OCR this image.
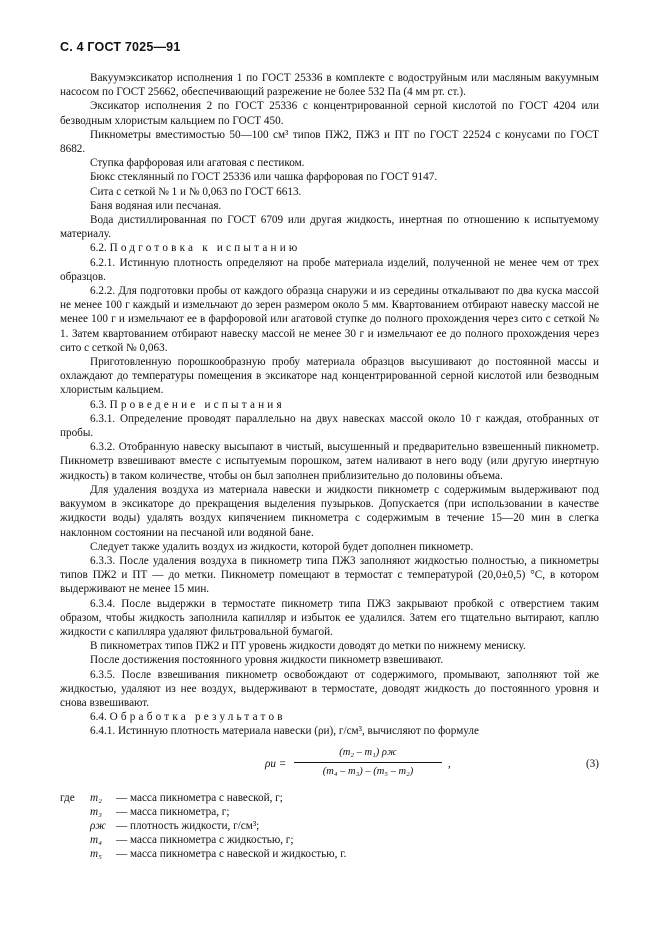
С. 4 ГОСТ 7025—91

Вакуумэксикатор исполнения 1 по ГОСТ 25336 в комплекте с водоструйным или масляным вакуумным насосом по ГОСТ 25662, обеспечивающий разрежение не более 532 Па (4 мм рт. ст.).

Эксикатор исполнения 2 по ГОСТ 25336 с концентрированной серной кислотой по ГОСТ 4204 или безводным хлористым кальцием по ГОСТ 450.

Пикнометры вместимостью 50—100 см³ типов ПЖ2, ПЖ3 и ПТ по ГОСТ 22524 с конусами по ГОСТ 8682.

Ступка фарфоровая или агатовая с пестиком.

Бюкс стеклянный по ГОСТ 25336 или чашка фарфоровая по ГОСТ 9147.

Сита с сеткой № 1 и № 0,063 по ГОСТ 6613.

Баня водяная или песчаная.

Вода дистиллированная по ГОСТ 6709 или другая жидкость, инертная по отношению к испытуемому материалу.

6.2. Подготовка к испытанию

6.2.1. Истинную плотность определяют на пробе материала изделий, полученной не менее чем от трех образцов.

6.2.2. Для подготовки пробы от каждого образца снаружи и из середины откалывают по два куска массой не менее 100 г каждый и измельчают до зерен размером около 5 мм. Квартованием отбирают навеску массой не менее 100 г и измельчают ее в фарфоровой или агатовой ступке до полного прохождения через сито с сеткой № 1. Затем квартованием отбирают навеску массой не менее 30 г и измельчают ее до полного прохождения через сито с сеткой № 0,063.

Приготовленную порошкообразную пробу материала образцов высушивают до постоянной массы и охлаждают до температуры помещения в эксикаторе над концентрированной серной кислотой или безводным хлористым кальцием.

6.3. Проведение испытания

6.3.1. Определение проводят параллельно на двух навесках массой около 10 г каждая, отобранных от пробы.

6.3.2. Отобранную навеску высыпают в чистый, высушенный и предварительно взвешенный пикнометр. Пикнометр взвешивают вместе с испытуемым порошком, затем наливают в него воду (или другую инертную жидкость) в таком количестве, чтобы он был заполнен приблизительно до половины объема.

Для удаления воздуха из материала навески и жидкости пикнометр с содержимым выдерживают под вакуумом в эксикаторе до прекращения выделения пузырьков. Допускается (при использовании в качестве жидкости воды) удалять воздух кипячением пикнометра с содержимым в течение 15—20 мин в слегка наклонном состоянии на песчаной или водяной бане.

Следует также удалить воздух из жидкости, которой будет дополнен пикнометр.

6.3.3. После удаления воздуха в пикнометр типа ПЖ3 заполняют жидкостью полностью, а пикнометры типов ПЖ2 и ПТ — до метки. Пикнометр помещают в термостат с температурой (20,0±0,5) °С, в котором выдерживают не менее 15 мин.

6.3.4. После выдержки в термостате пикнометр типа ПЖ3 закрывают пробкой с отверстием таким образом, чтобы жидкость заполнила капилляр и избыток ее удалился. Затем его тщательно вытирают, каплю жидкости с капилляра удаляют фильтровальной бумагой.

В пикнометрах типов ПЖ2 и ПТ уровень жидкости доводят до метки по нижнему мениску.

После достижения постоянного уровня жидкости пикнометр взвешивают.

6.3.5. После взвешивания пикнометр освобождают от содержимого, промывают, заполняют той же жидкостью, удаляют из нее воздух, выдерживают в термостате, доводят жидкость до постоянного уровня и снова взвешивают.

6.4. Обработка результатов

6.4.1. Истинную плотность материала навески (ρи), г/см³, вычисляют по формуле

ρи =
(m₂ – m₁) ρж
(m₄ – m₃) – (m₅ – m₂)
,	(3)
где	m₂	— масса пикнометра с навеской, г;
m₃	— масса пикнометра, г;
ρж — плотность жидкости, г/см³;
m₄	— масса пикнометра с жидкостью, г;
m₅	— масса пикнометра с навеской и жидкостью, г.
